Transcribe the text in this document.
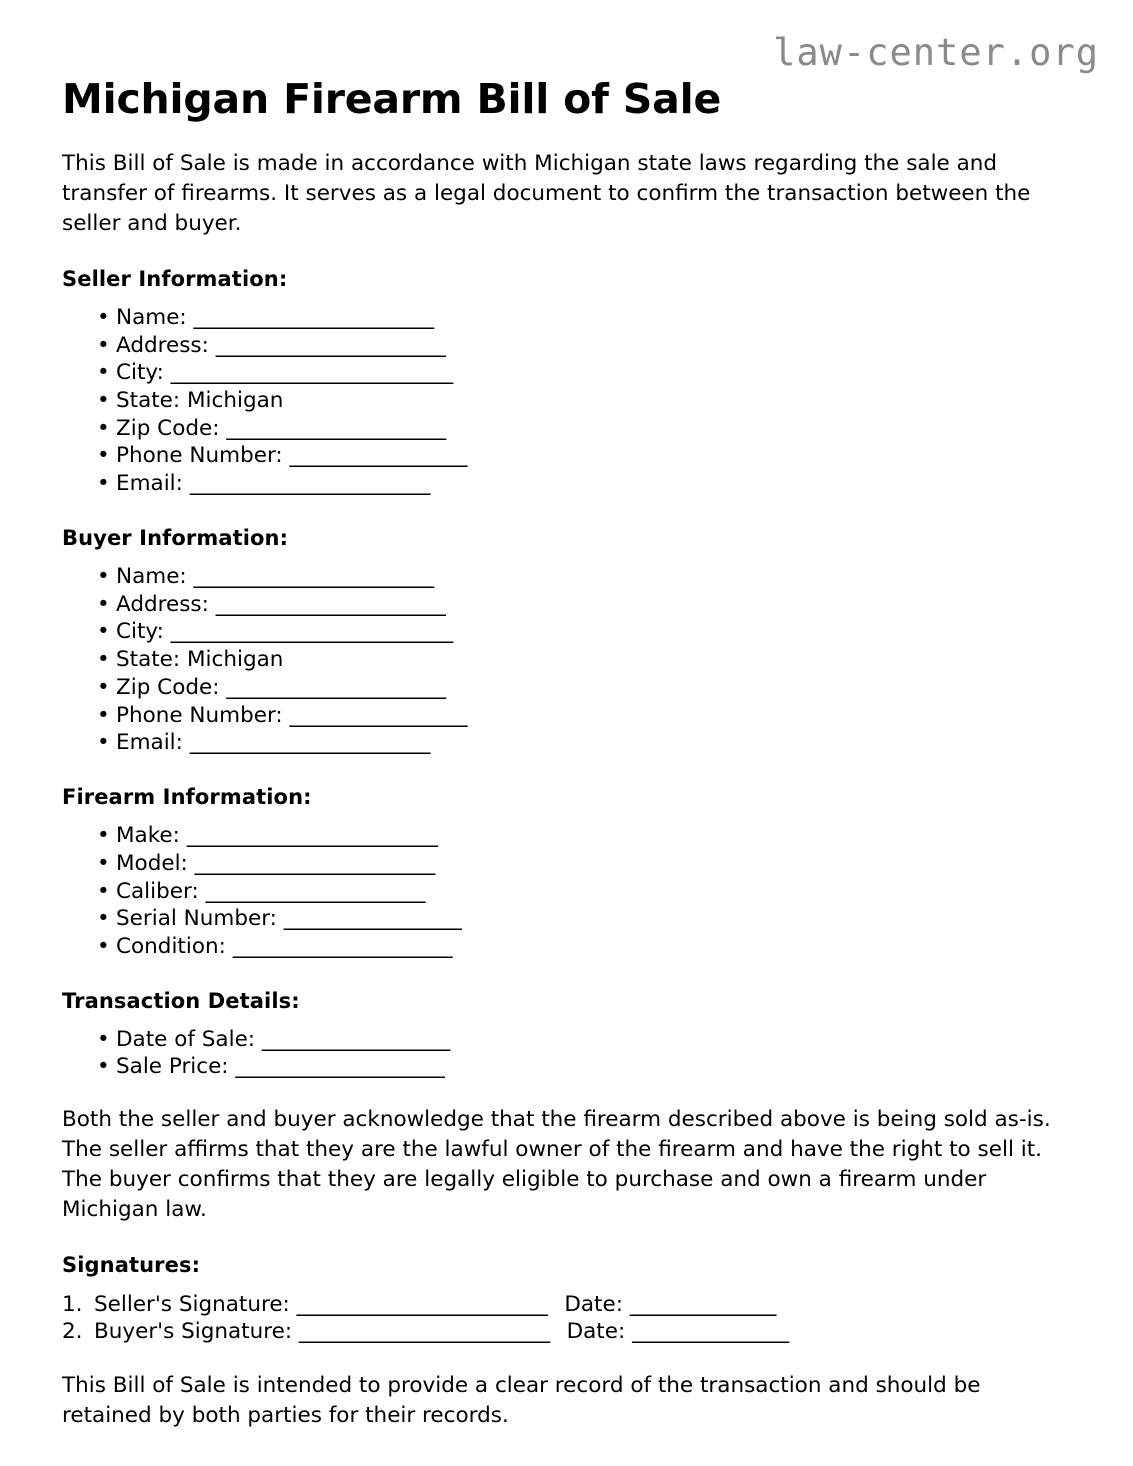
law-center.org
Michigan Firearm Bill of Sale

This Bill of Sale is made in accordance with Michigan state laws regarding the sale and transfer of firearms. It serves as a legal document to confirm the transaction between the seller and buyer.

Seller Information:
• Name: _______________________
• Address: ______________________
• City: ___________________________
• State: Michigan
• Zip Code: _____________________
• Phone Number: _________________
• Email: _______________________
Buyer Information:
• Name: _______________________
• Address: ______________________
• City: ___________________________
• State: Michigan
• Zip Code: _____________________
• Phone Number: _________________
• Email: _______________________
Firearm Information:
• Make: ________________________
• Model: _______________________
• Caliber: _____________________
• Serial Number: _________________
• Condition: _____________________
Transaction Details:
• Date of Sale: __________________
• Sale Price: ____________________

Both the seller and buyer acknowledge that the firearm described above is being sold as-is. The seller affirms that they are the lawful owner of the firearm and have the right to sell it. The buyer confirms that they are legally eligible to purchase and own a firearm under Michigan law.

Signatures:
1. Seller's Signature: ________________________ Date: ______________
2. Buyer's Signature: ________________________ Date: _______________

This Bill of Sale is intended to provide a clear record of the transaction and should be retained by both parties for their records.
